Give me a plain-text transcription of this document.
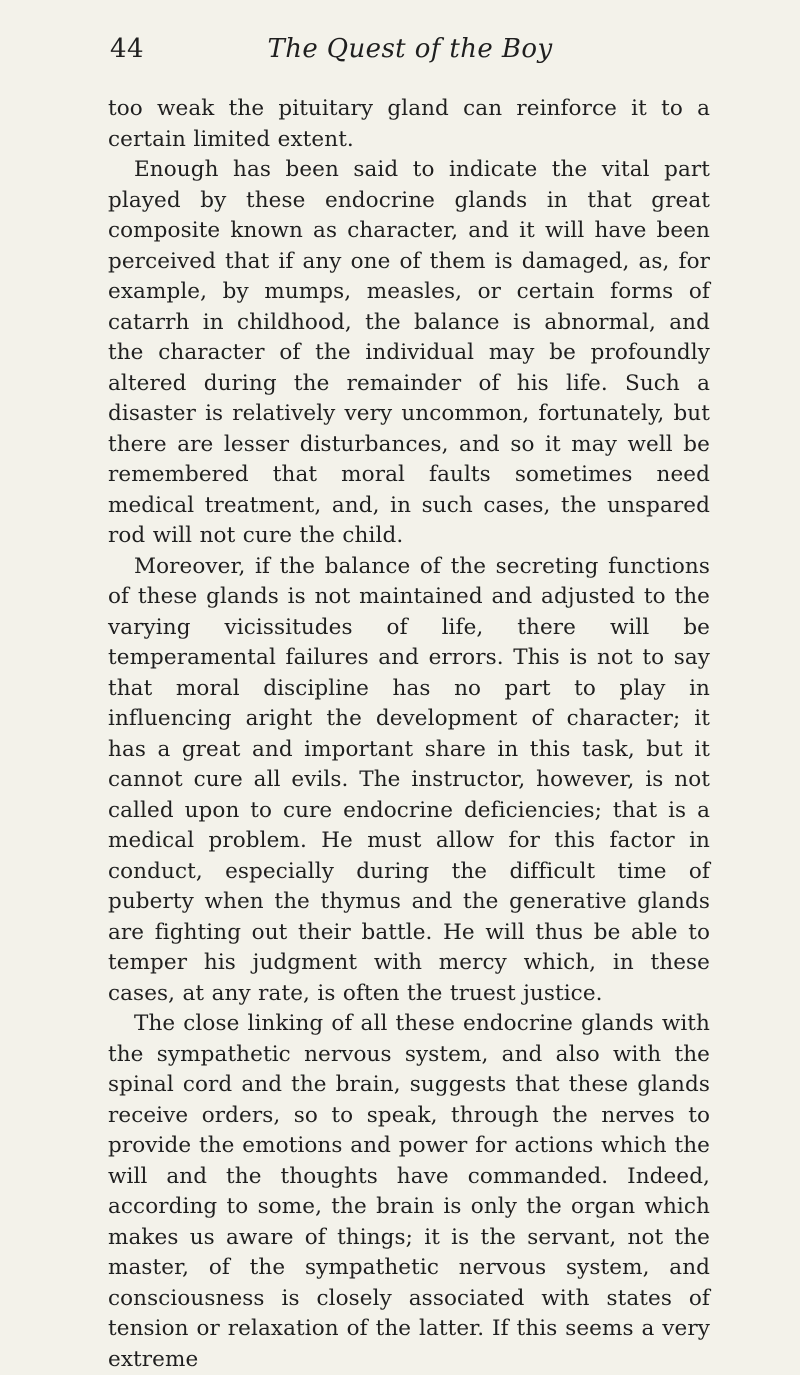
44	The Quest of the Boy

too weak the pituitary gland can reinforce it to a certain limited extent.

Enough has been said to indicate the vital part played by these endocrine glands in that great composite known as character, and it will have been perceived that if any one of them is damaged, as, for example, by mumps, measles, or certain forms of catarrh in childhood, the balance is abnormal, and the character of the individual may be profoundly altered during the remainder of his life. Such a disaster is relatively very uncommon, fortunately, but there are lesser disturbances, and so it may well be remembered that moral faults sometimes need medical treatment, and, in such cases, the unspared rod will not cure the child.

Moreover, if the balance of the secreting functions of these glands is not maintained and adjusted to the varying vicissitudes of life, there will be temperamental failures and errors. This is not to say that moral discipline has no part to play in influencing aright the development of character; it has a great and important share in this task, but it cannot cure all evils. The instructor, however, is not called upon to cure endocrine deficiencies; that is a medical problem. He must allow for this factor in conduct, especially during the difficult time of puberty when the thymus and the generative glands are fighting out their battle. He will thus be able to temper his judgment with mercy which, in these cases, at any rate, is often the truest justice.

The close linking of all these endocrine glands with the sympathetic nervous system, and also with the spinal cord and the brain, suggests that these glands receive orders, so to speak, through the nerves to provide the emotions and power for actions which the will and the thoughts have commanded. Indeed, according to some, the brain is only the organ which makes us aware of things; it is the servant, not the master, of the sympathetic nervous system, and consciousness is closely associated with states of tension or relaxation of the latter. If this seems a very extreme
